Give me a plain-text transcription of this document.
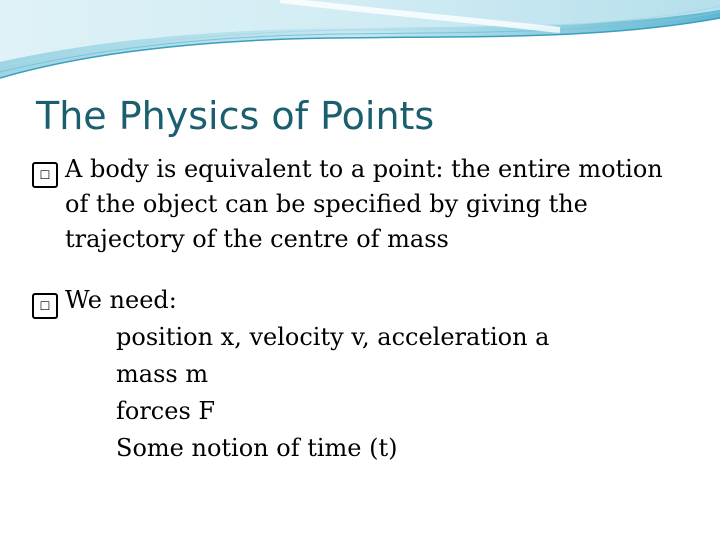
The Physics of Points
☐ A body is equivalent to a point: the entire motion of the object can be specified by giving the trajectory of the centre of mass
☐ We need:
position x, velocity v, acceleration a
mass m
forces F
Some notion of time (t)
